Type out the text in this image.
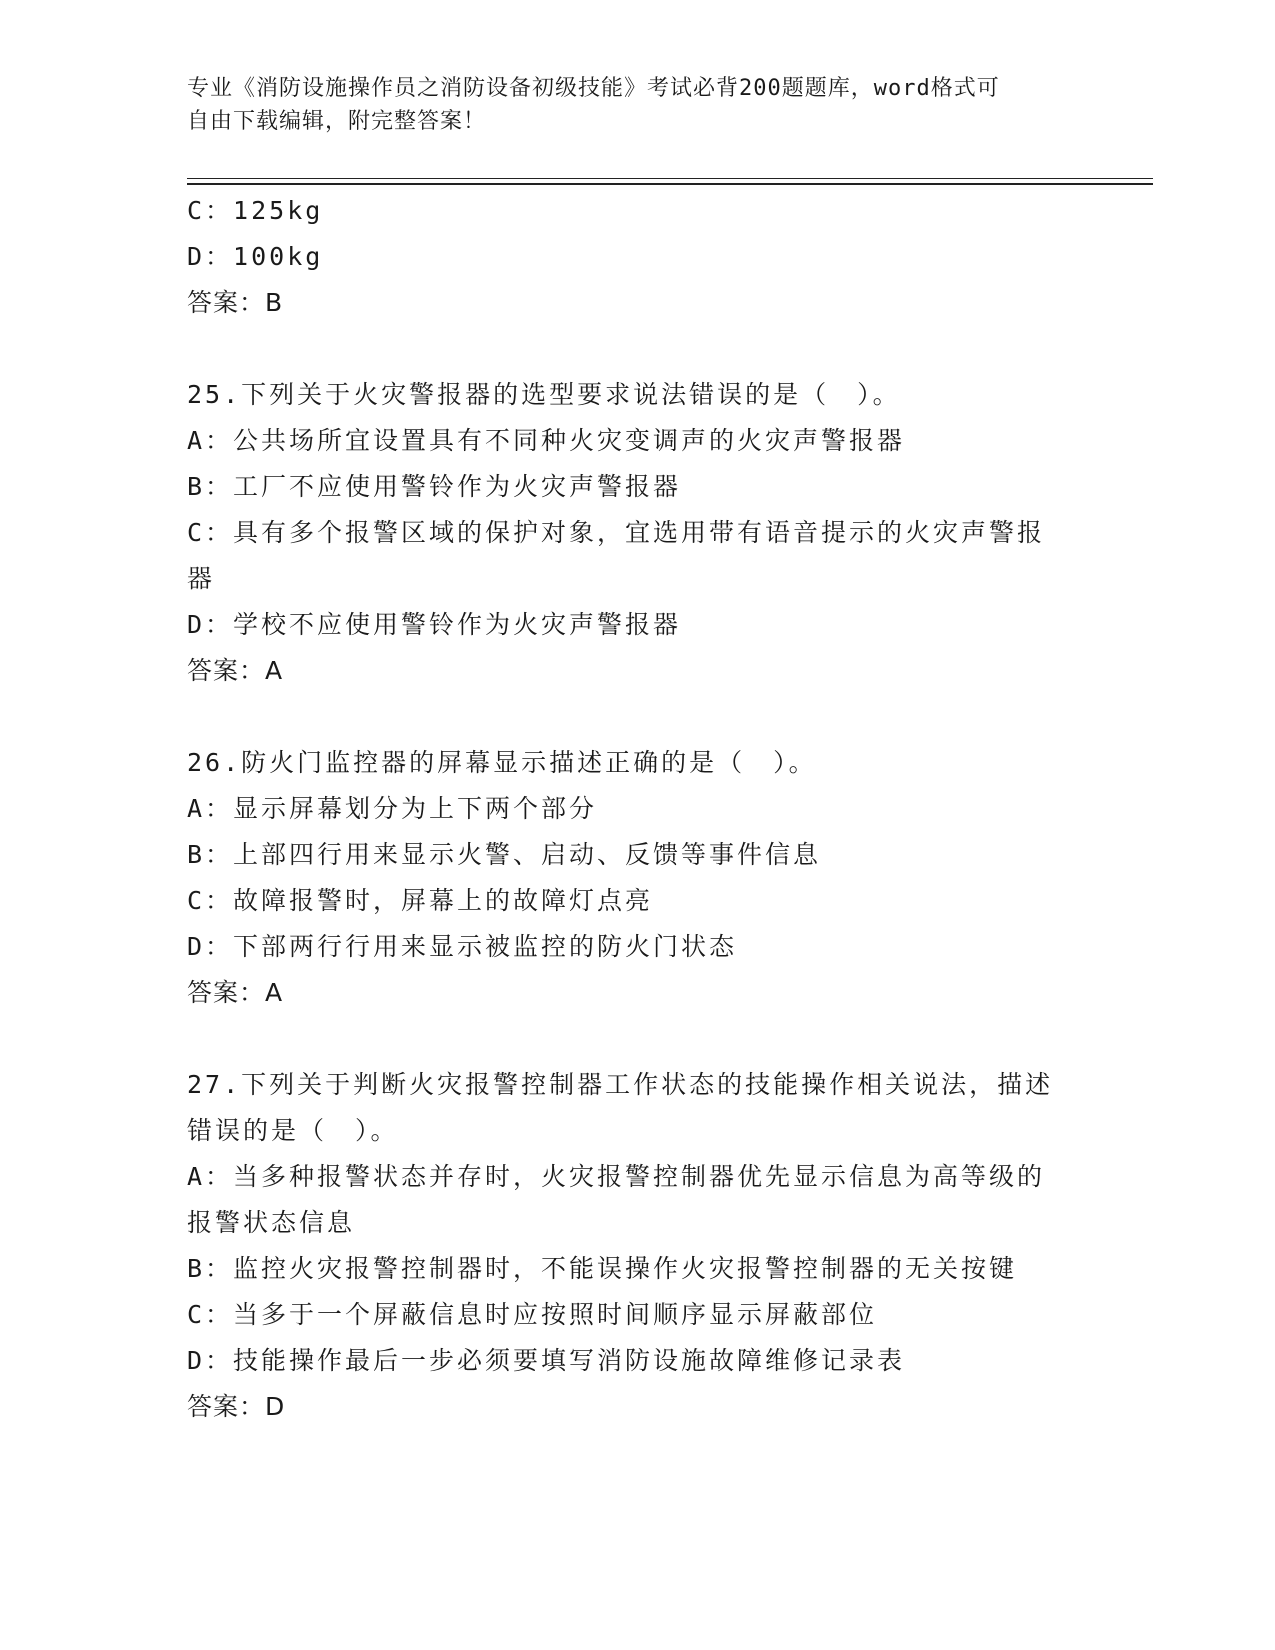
专业《消防设施操作员之消防设备初级技能》考试必背200题题库，word格式可
自由下载编辑，附完整答案！
C：125kg
D：100kg
答案：B
25.下列关于火灾警报器的选型要求说法错误的是（　）。
A：公共场所宜设置具有不同种火灾变调声的火灾声警报器
B：工厂不应使用警铃作为火灾声警报器
C：具有多个报警区域的保护对象，宜选用带有语音提示的火灾声警报
器
D：学校不应使用警铃作为火灾声警报器
答案：A
26.防火门监控器的屏幕显示描述正确的是（　）。
A：显示屏幕划分为上下两个部分
B：上部四行用来显示火警、启动、反馈等事件信息
C：故障报警时，屏幕上的故障灯点亮
D：下部两行行用来显示被监控的防火门状态
答案：A
27.下列关于判断火灾报警控制器工作状态的技能操作相关说法，描述
错误的是（　）。
A：当多种报警状态并存时，火灾报警控制器优先显示信息为高等级的
报警状态信息
B：监控火灾报警控制器时，不能误操作火灾报警控制器的无关按键
C：当多于一个屏蔽信息时应按照时间顺序显示屏蔽部位
D：技能操作最后一步必须要填写消防设施故障维修记录表
答案：D
